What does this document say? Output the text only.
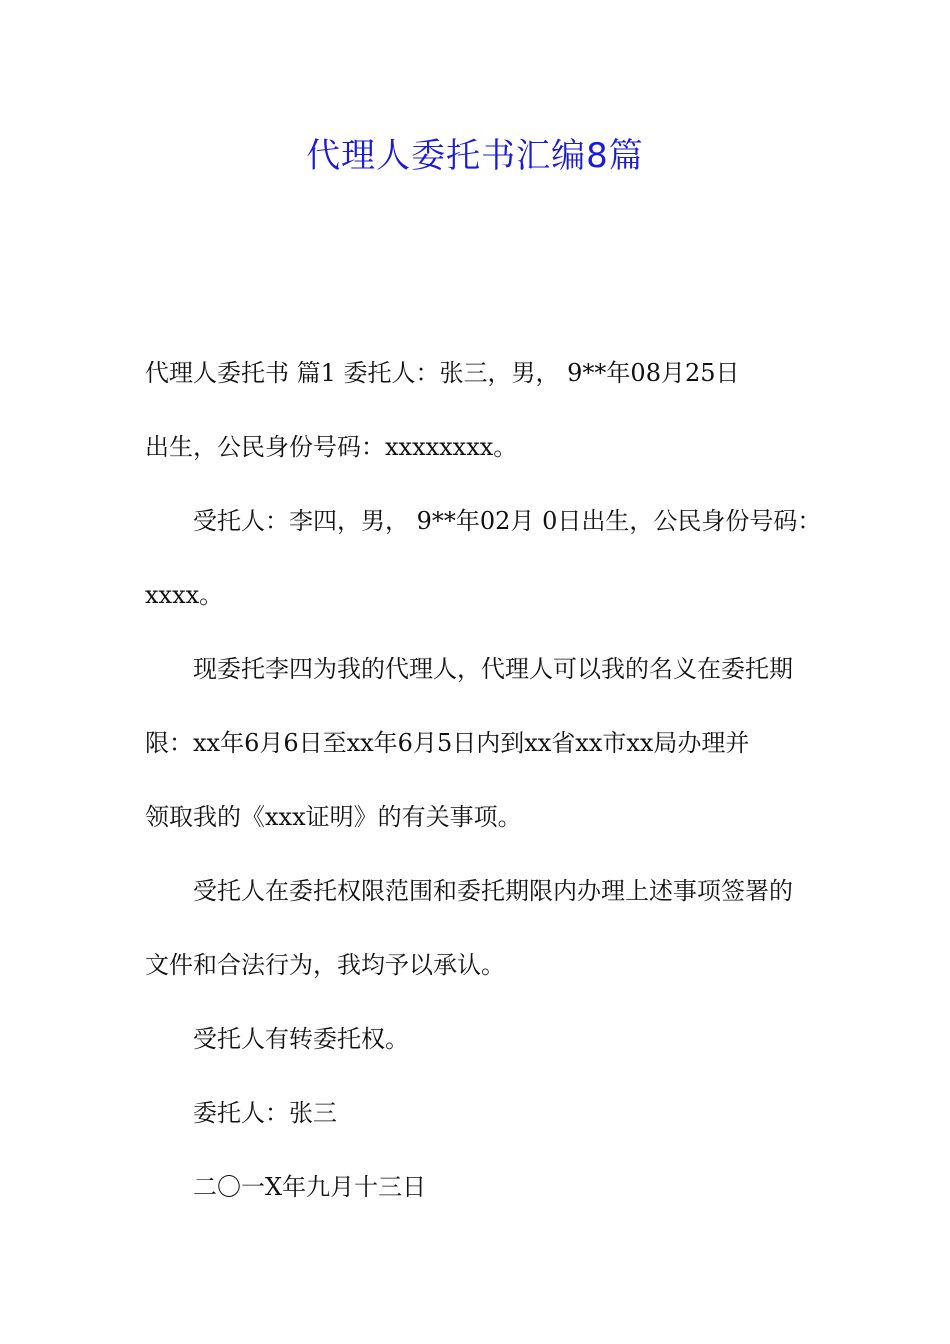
代理人委托书汇编8篇

代理人委托书 篇1 委托人：张三，男， 9**年08月25日
出生，公民身份号码：xxxxxxxx。

受托人：李四，男， 9**年02月 0日出生，公民身份号码：
xxxx。

现委托李四为我的代理人，代理人可以我的名义在委托期
限：xx年6月6日至xx年6月5日内到xx省xx市xx局办理并
领取我的《xxx证明》的有关事项。

受托人在委托权限范围和委托期限内办理上述事项签署的
文件和合法行为，我均予以承认。

受托人有转委托权。

委托人：张三

二〇一X年九月十三日
